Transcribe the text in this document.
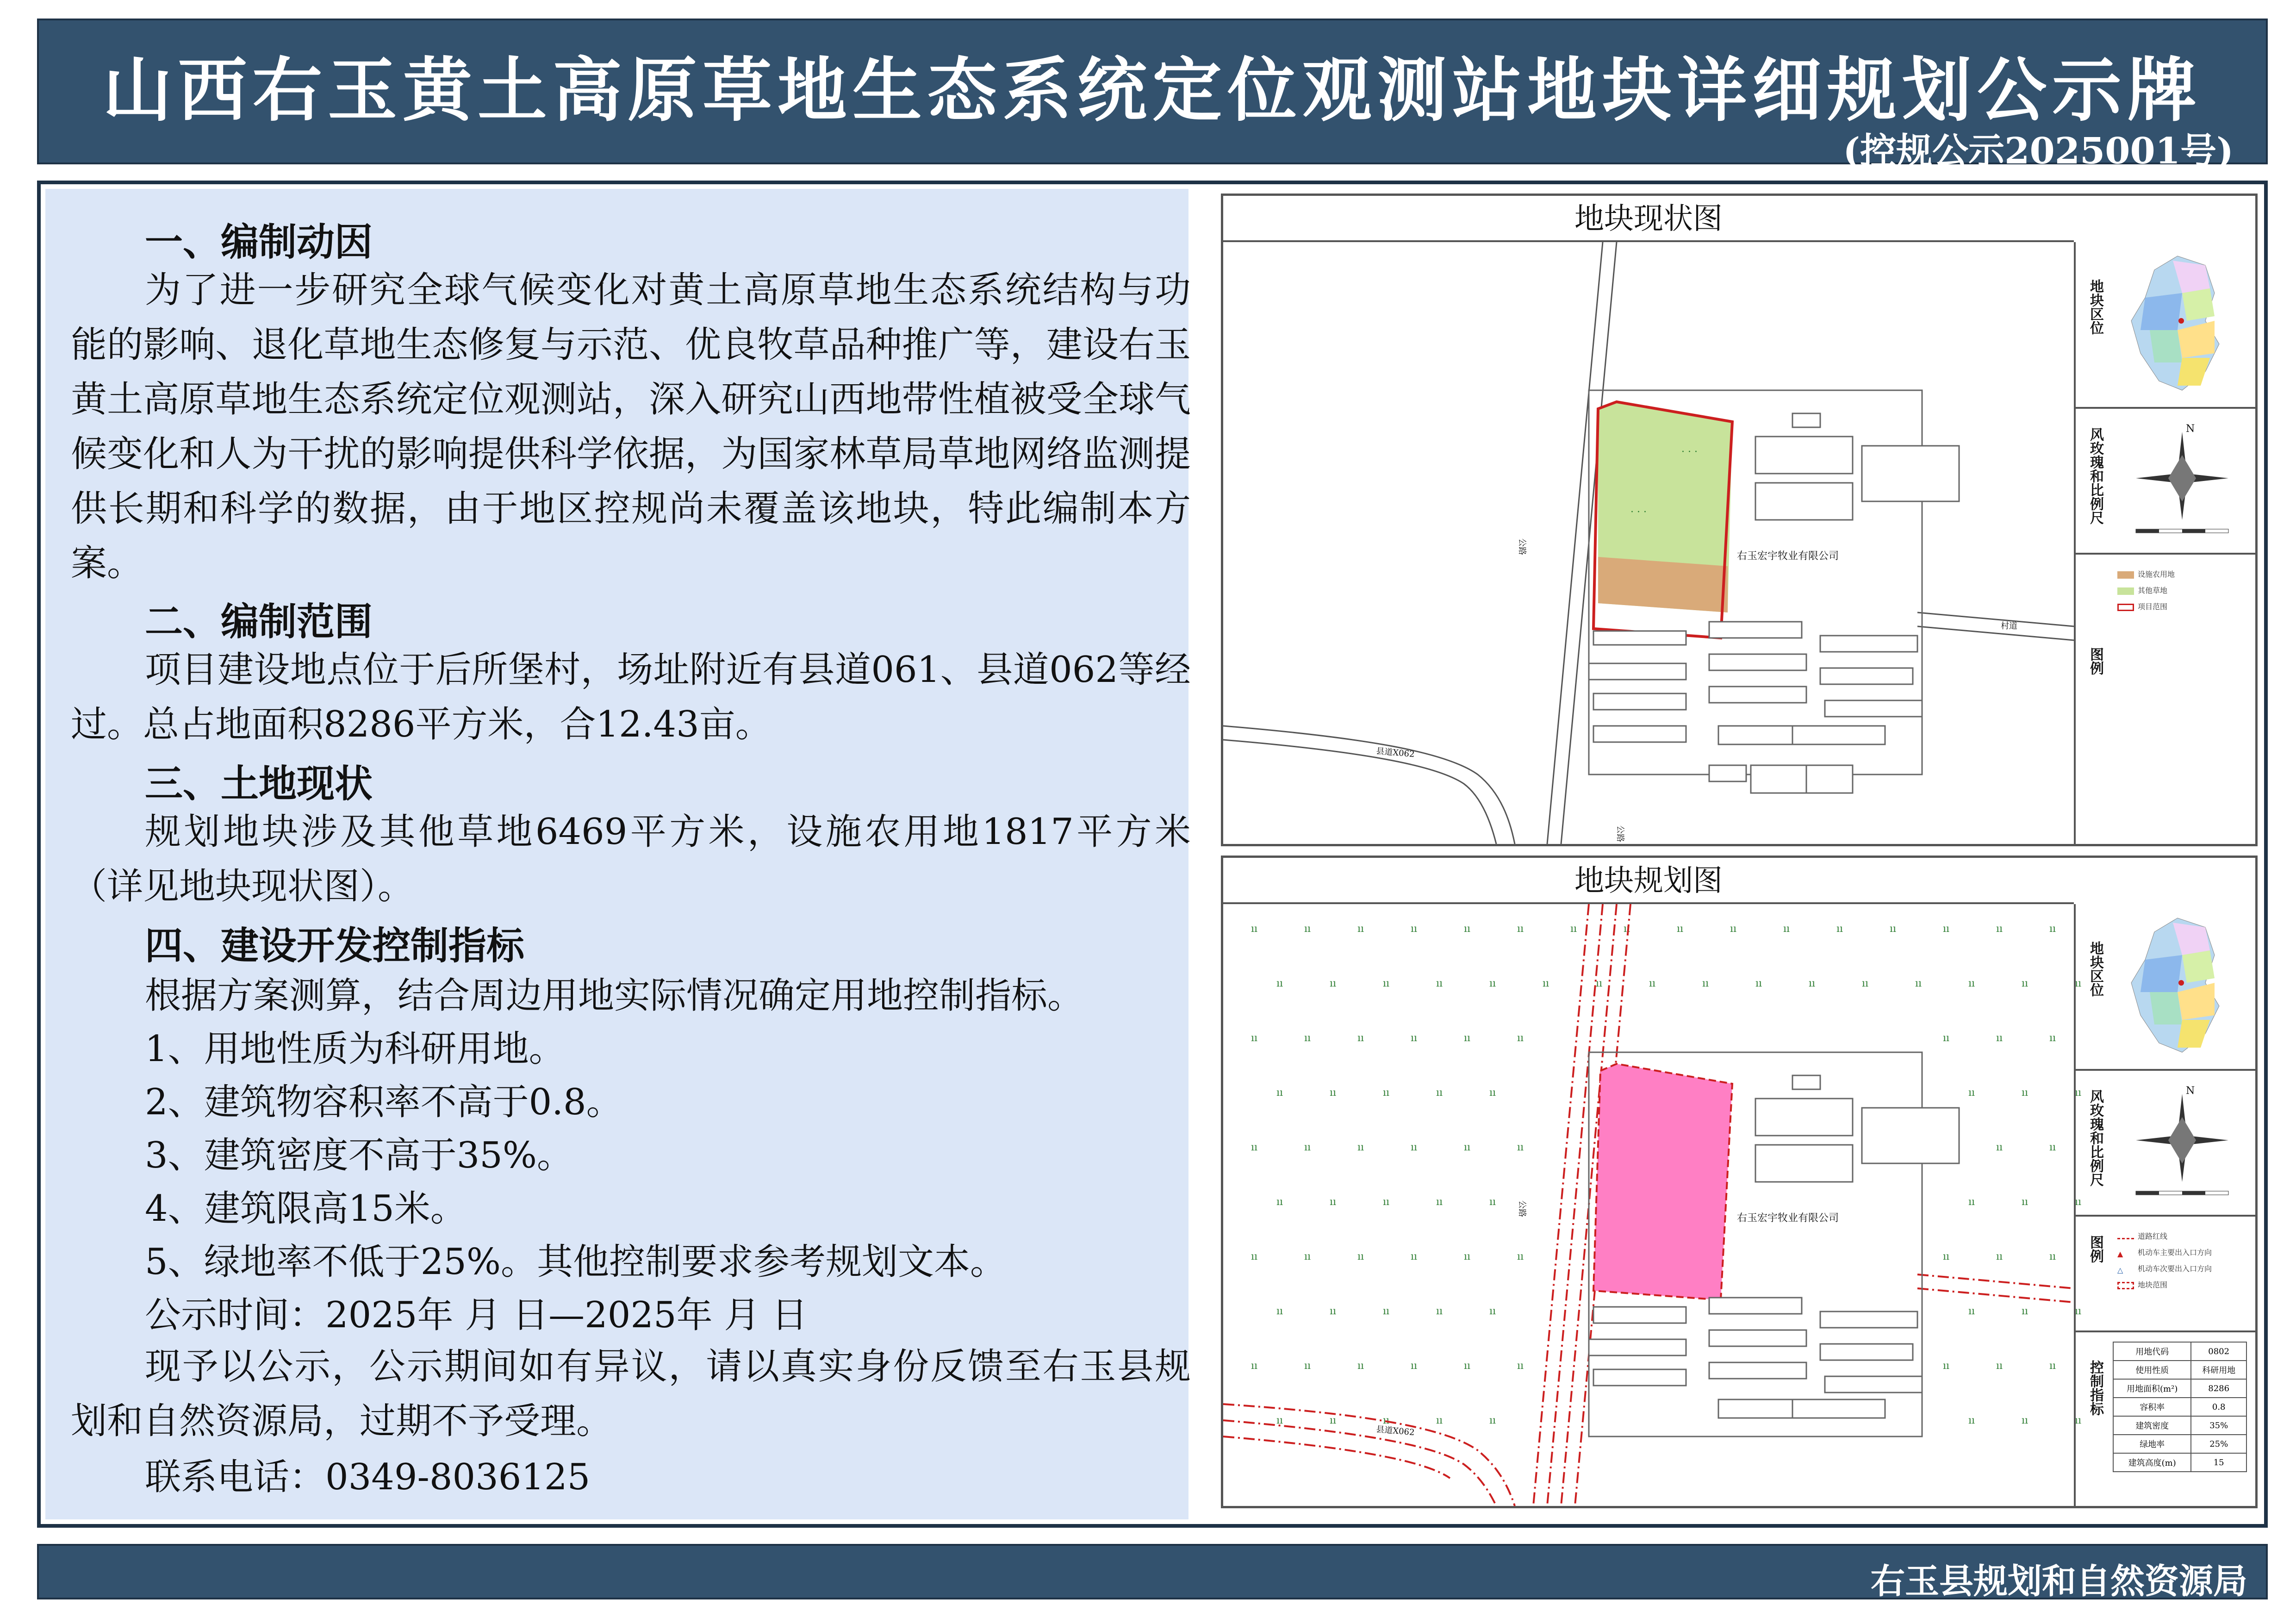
山西右玉黄土高原草地生态系统定位观测站地块详细规划公示牌
(控规公示2025001号)

一、编制动因

为了进一步研究全球气候变化对黄土高原草地生态系统结构与功能的影响、退化草地生态修复与示范、优良牧草品种推广等，建设右玉黄土高原草地生态系统定位观测站，深入研究山西地带性植被受全球气候变化和人为干扰的影响提供科学依据，为国家林草局草地网络监测提供长期和科学的数据，由于地区控规尚未覆盖该地块，特此编制本方案。

二、编制范围

项目建设地点位于后所堡村，场址附近有县道061、县道062等经过。总占地面积8286平方米，合12.43亩。

三、土地现状

规划地块涉及其他草地6469平方米，设施农用地1817平方米（详见地块现状图）。

四、建设开发控制指标

根据方案测算，结合周边用地实际情况确定用地控制指标。

1、用地性质为科研用地。

2、建筑物容积率不高于0.8。

3、建筑密度不高于35%。

4、建筑限高15米。

5、绿地率不低于25%。其他控制要求参考规划文本。

公示时间：2025年 月 日—2025年 月 日

现予以公示，公示期间如有异议，请以真实身份反馈至右玉县规划和自然资源局，过期不予受理。

联系电话：0349-8036125

地块现状图
· · ·
· · ·
右玉宏宇牧业有限公司
县道X062
公路
公路
村道
地块区位
风玫瑰和比例尺	N
图例
设施农用地
其他草地
项目范围
地块规划图
ıı	ıı	ıı	ıı	ıı	ıı	ıı	ıı	ıı	ıı	ıı	ıı	ıı	ıı	ıı	ıı
ıı	ıı	ıı	ıı	ıı	ıı	ıı	ıı	ıı	ıı	ıı	ıı	ıı	ıı	ıı	ıı
ıı	ıı	ıı	ıı	ıı	ıı	ıı	ıı	ıı
ıı	ıı	ıı	ıı	ıı	ıı	ıı	ıı
ıı	ıı	ıı	ıı	ıı	ıı	ıı	ıı
ıı	ıı	ıı	ıı	ıı	ıı	ıı	ıı
ıı	ıı	ıı	ıı	ıı	ıı	ıı	ıı	ıı
ıı	ıı	ıı	ıı	ıı	ıı	ıı	ıı
ıı	ıı	ıı	ıı	ıı	ıı	ıı	ıı	ıı
ıı	ıı	ıı	ıı	ıı	ıı	ıı	ıı
右玉宏宇牧业有限公司
县道X062
公路
地块区位
风玫瑰和比例尺	N
图例	道路红线
▲ 机动车主要出入口方向
△ 机动车次要出入口方向
地块范围
控制指标
用地代码	0802
使用性质	科研用地
用地面积(m²)	8286
容积率	0.8
建筑密度	35%
绿地率	25%
建筑高度(m)	15
右玉县规划和自然资源局
